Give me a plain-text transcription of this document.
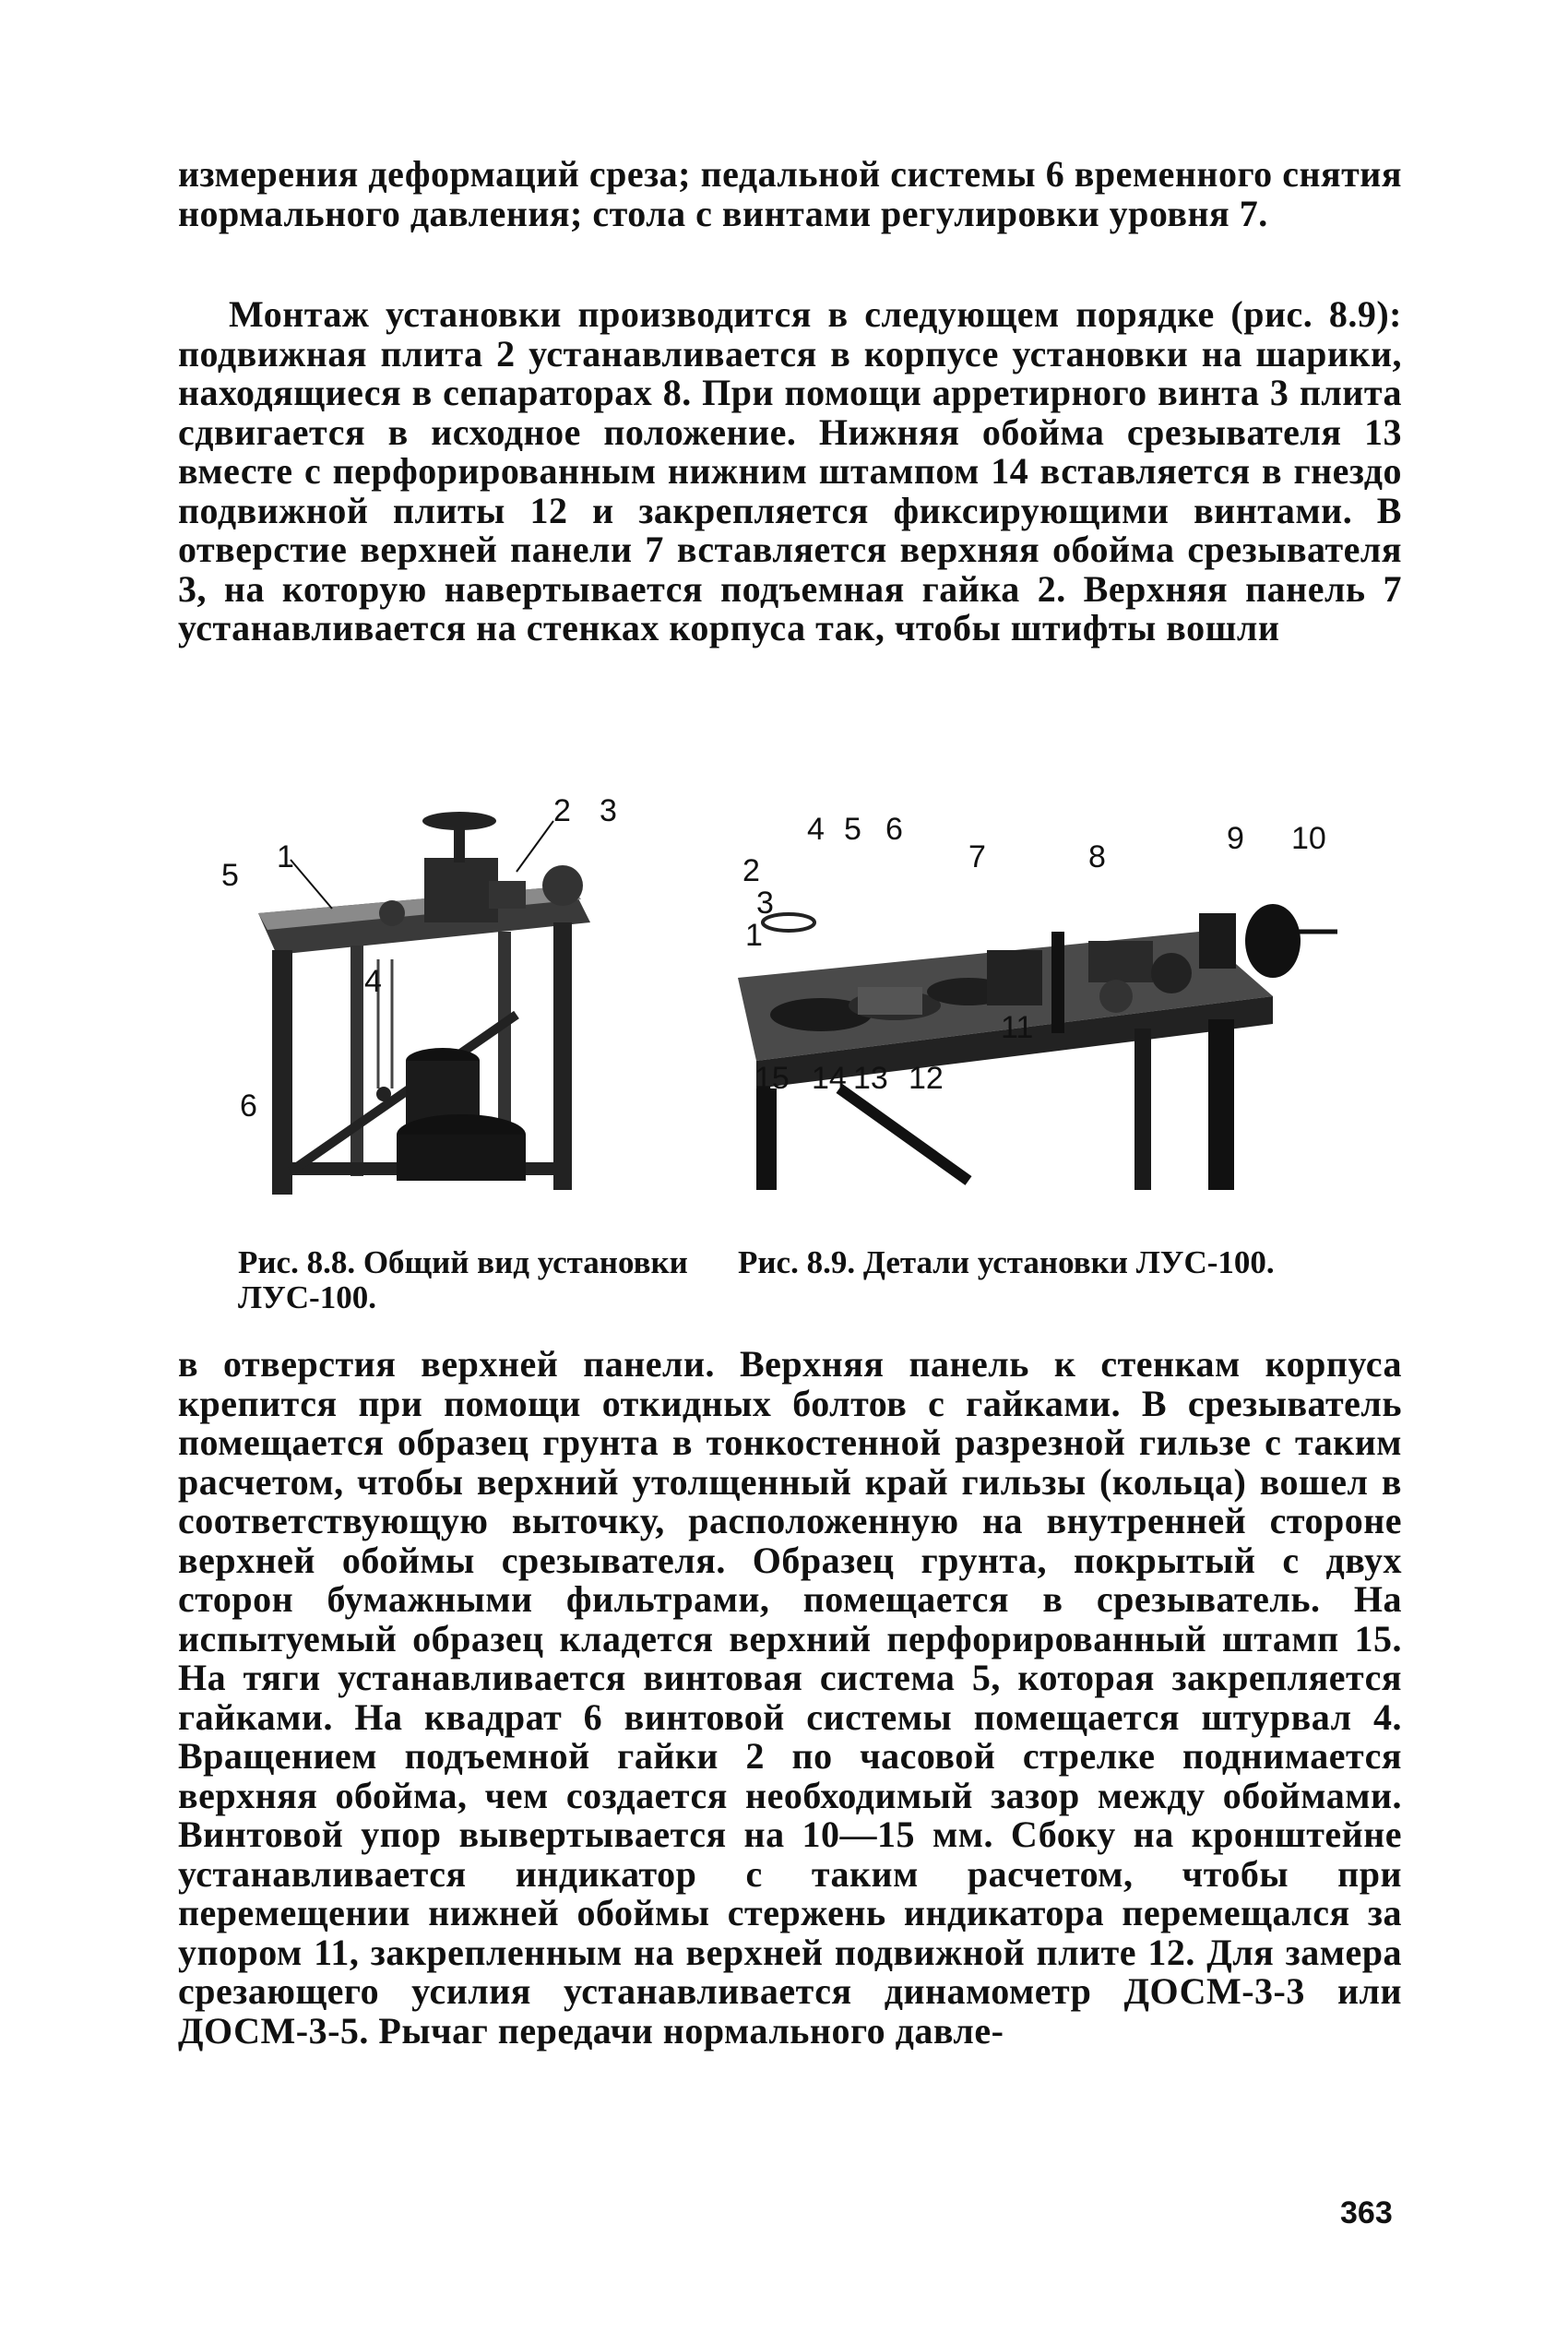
измерения деформаций среза; педальной системы 6 временного снятия нормального давления; стола с винтами регулировки уровня 7.

Монтаж установки производится в следующем порядке (рис. 8.9): подвижная плита 2 устанавливается в корпусе установки на шарики, находящиеся в сепараторах 8. При помощи арретирного винта 3 плита сдвигается в исходное положение. Нижняя обойма срезывателя 13 вместе с перфорированным нижним штампом 14 вставляется в гнездо подвижной плиты 12 и закрепляется фиксирующими винтами. В отверстие верхней панели 7 вставляется верхняя обойма срезывателя 3, на которую навертывается подъемная гайка 2. Верхняя панель 7 устанавливается на стенках корпуса так, чтобы штифты вошли

5
1
2 3
4
6
4 5 6
2
3
1
7	8
9 10
11
15 14 13 12

Рис. 8.8. Общий вид установки ЛУС-100.

Рис. 8.9. Детали установки ЛУС-100.

в отверстия верхней панели. Верхняя панель к стенкам корпуса крепится при помощи откидных болтов с гайками. В срезыватель помещается образец грунта в тонкостенной разрезной гильзе с таким расчетом, чтобы верхний утолщенный край гильзы (кольца) вошел в соответствующую выточку, расположенную на внутренней стороне верхней обоймы срезывателя. Образец грунта, покрытый с двух сторон бумажными фильтрами, помещается в срезыватель. На испытуемый образец кладется верхний перфорированный штамп 15. На тяги устанавливается винтовая система 5, которая закрепляется гайками. На квадрат 6 винтовой системы помещается штурвал 4. Вращением подъемной гайки 2 по часовой стрелке поднимается верхняя обойма, чем создается необходимый зазор между обоймами. Винтовой упор вывертывается на 10—15 мм. Сбоку на кронштейне устанавливается индикатор с таким расчетом, чтобы при перемещении нижней обоймы стержень индикатора перемещался за упором 11, закрепленным на верхней подвижной плите 12. Для замера срезающего усилия устанавливается динамометр ДОСМ-3-3 или ДОСМ-3-5. Рычаг передачи нормального давле-

363
